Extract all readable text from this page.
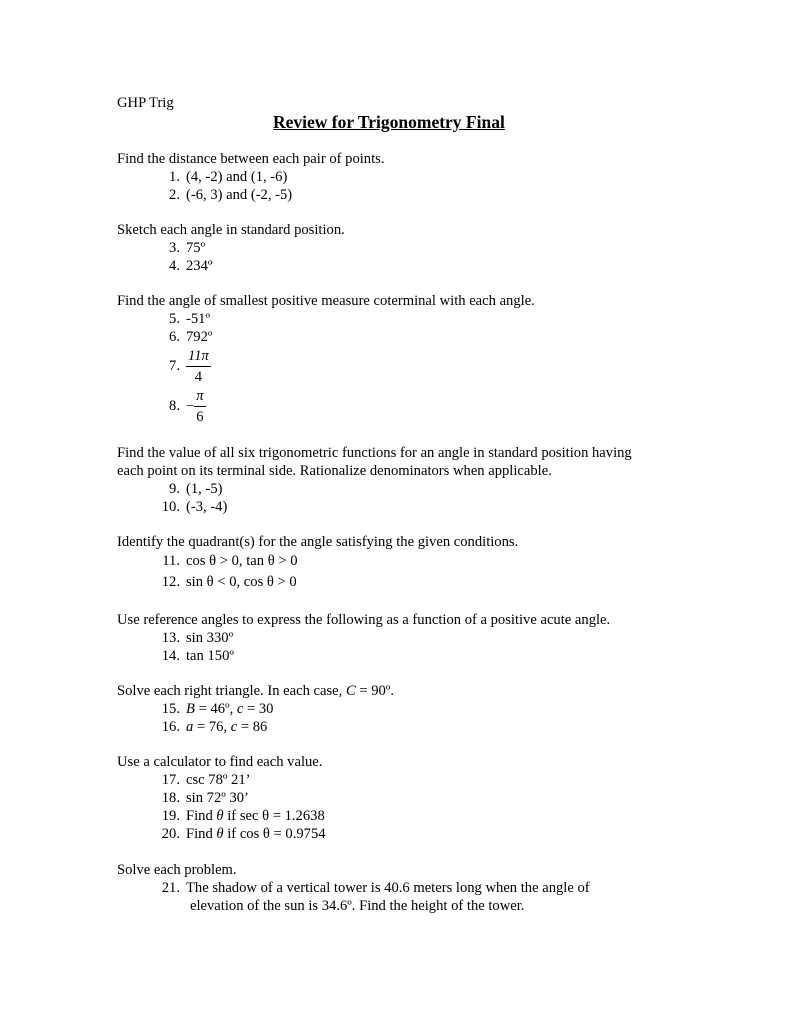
GHP Trig
Review for Trigonometry Final
Find the distance between each pair of points.
1. (4, -2) and (1, -6)
2. (-6, 3) and (-2, -5)
Sketch each angle in standard position.
3. 75º
4. 234º
Find the angle of smallest positive measure coterminal with each angle.
5. -51º
6. 792º
7. $\frac{11\pi}{4}$
8. − $\frac{\pi}{6}$
Find the value of all six trigonometric functions for an angle in standard position having
each point on its terminal side. Rationalize denominators when applicable.
9. (1, -5)
10. (-3, -4)
Identify the quadrant(s) for the angle satisfying the given conditions.
11. cos θ > 0, tan θ > 0
12. sin θ < 0, cos θ > 0
Use reference angles to express the following as a function of a positive acute angle.
13. sin 330º
14. tan 150º
Solve each right triangle. In each case, C = 90º.
15. B = 46º, c = 30
16. a = 76, c = 86
Use a calculator to find each value.
17. csc 78º 21’
18. sin 72º 30’
19. Find θ if sec θ = 1.2638
20. Find θ if cos θ = 0.9754
Solve each problem.
21. The shadow of a vertical tower is 40.6 meters long when the angle of
elevation of the sun is 34.6º. Find the height of the tower.
